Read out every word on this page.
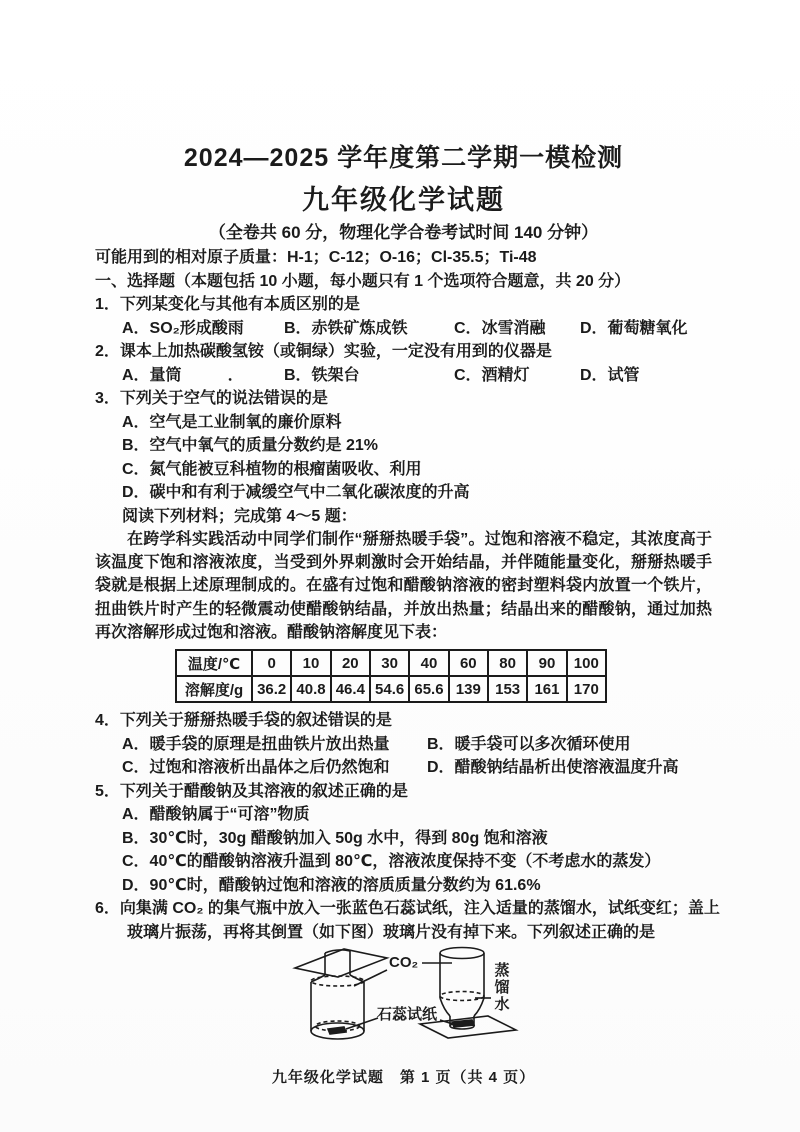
2024—2025 学年度第二学期一模检测
九年级化学试题
（全卷共 60 分，物理化学合卷考试时间 140 分钟）
可能用到的相对原子质量：H-1；C-12；O-16；Cl-35.5；Ti-48
一、选择题（本题包括 10 小题，每小题只有 1 个选项符合题意，共 20 分）
1．下列某变化与其他有本质区别的是
A．SO₂形成酸雨	B．赤铁矿炼成铁	C．冰雪消融 D．葡萄糖氧化
2．课本上加热碳酸氢铵（或铜绿）实验，一定没有用到的仪器是
A．量筒	．	B．铁架台	C．酒精灯	D．试管
3．下列关于空气的说法错误的是
A．空气是工业制氧的廉价原料
B．空气中氧气的质量分数约是 21%
C．氮气能被豆科植物的根瘤菌吸收、利用
D．碳中和有利于减缓空气中二氧化碳浓度的升高
阅读下列材料；完成第 4～5 题：
在跨学科实践活动中同学们制作“掰掰热暖手袋”。过饱和溶液不稳定，其浓度高于该温度下饱和溶液浓度，当受到外界刺激时会开始结晶，并伴随能量变化，掰掰热暖手袋就是根据上述原理制成的。在盛有过饱和醋酸钠溶液的密封塑料袋内放置一个铁片，扭曲铁片时产生的轻微震动使醋酸钠结晶，并放出热量；结晶出来的醋酸钠，通过加热再次溶解形成过饱和溶液。醋酸钠溶解度见下表：
温度/℃	0	10	20	30	40	60	80	90	100
溶解度/g	36.2	40.8	46.4	54.6	65.6	139	153	161	170
4．下列关于掰掰热暖手袋的叙述错误的是
A．暖手袋的原理是扭曲铁片放出热量 B．暖手袋可以多次循环使用
C．过饱和溶液析出晶体之后仍然饱和 D．醋酸钠结晶析出使溶液温度升高
5．下列关于醋酸钠及其溶液的叙述正确的是
A．醋酸钠属于“可溶”物质
B．30℃时，30g 醋酸钠加入 50g 水中，得到 80g 饱和溶液
C．40℃的醋酸钠溶液升温到 80℃，溶液浓度保持不变（不考虑水的蒸发）
D．90℃时，醋酸钠过饱和溶液的溶质质量分数约为 61.6%
6．向集满 CO₂ 的集气瓶中放入一张蓝色石蕊试纸，注入适量的蒸馏水，试纸变红；盖上
玻璃片振荡，再将其倒置（如下图）玻璃片没有掉下来。下列叙述正确的是
CO₂
石蕊试纸
蒸馏水
九年级化学试题　第 1 页（共 4 页）
